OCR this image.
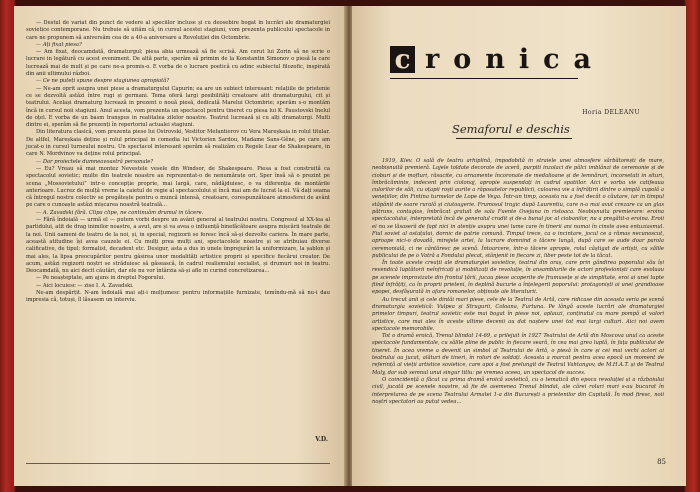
— Destul de variat din punct de vedere al speciilor incluse și cu deosebire bogat in lucrări ale dramaturgiei sovietice contemporane. Nu trebuie să uităm că, in cursul acestei stagiuni, vom prezenta publicului spectacole in care ne propunem să aniversăm cea de a 40-a aniversare a Revoluției din Octombrie.

— Ați fixat piesa?

— Am fixat, deocamdată, dramaturgul; piesa abia urmează să fie scrisă. Am cerut lui Zorin să ne scrie o lucrare in legătură cu acest eveniment. De altă parte, sperăm să primim de la Konstantin Simonov o piesă la care lucrează mai de mult și pe care ne-a promis-o. E vorba de o lucrare poetică cu adinc subiectul filozofic, inspirată din anii ultimului război.

— Ce ne puteți spune despre stagiunea apropiată?

— Ne-am oprit asupra unei piese a dramaturgului Capurin; ea are un subiect interesant: relațiile de prietenie ce se dezvoltă astăzi între rugi și germani. Tema oferă largi posibilități creatoare atit dramaturgului, cit și teatrului. Același dramaturg lucrează in prezent o nouă piesă, dedicată Marelui Octombrie; sperăm s-o montăm încă in cursul noii stagiuni. Anul acesta, vom prezenta un spectacol pentru tineret cu piesa lui K. Paustovski Inelul de oțel. E vorba de un basm tranșpus in realitatea zilelor noastre. Teatrul lucrează și cu alți dramaturgi. Multi dintre ei, sperăm să fie prezenți în repertoriul actualei stagiuni.

Din literatura clasică, vom prezenta piese lui Ostrovski, Vestitor Mefantierov cu Vera Mareșkaia in rolul titular. De altfel, Mareșkaia deține și rolul principal in comedia lui Victorien Sardou, Madame Sans-Gêne, pe care am jucat-o in cursul turneului nostru. Un spectacol interesant sperăm să realizăm cu Regele Lear de Shakespeare, in care N. Mordvinov va deține rolul principal.

— Dar proiectele dumneavoastră personale?

— Eu? Vreau să mai montez Nevestele vesele din Windsor, de Shakespeare. Piesa a fost construită ca spectacolul sovietic; multe din teatrele noastre au reprezentat-o de nenumărate ori. Sper însă să o prezint pe scena „Mossovietului” intr-o concepție proprie, mai largă, care, nădăjduiesc, o va diferenția de montările anterioare. Lucrez de mulță vreme la caietul de regie al spectacolului și încă mai am de lucrat la el. Vă dați seama că întregul nostru colectiv se pregătește pentru o muncă intensă, creatoare, corespunzătoare atmosferei de avânt pe care o cunoaște astăzi mișcarea noastră teatrală...

— A. Zavadski fără. Clipa clipe, ne continuăm drumul in tăcere.

— Fără îndoială — urmă el — putem vorbi despre un avânt general al teatrului nostru. Congresul al XX-lea al partidului, atit de drag inimilor noastre, a avut, are și va avea o influență binefăcătoare asupra mișcării teatrale de la noi. Unii oameni de teatru de la noi, și, in special, regizorii se feresc încă să-și dezvolte cariera. În mare parte, această atitudine își avea cauzele ei. Cu mulți prea mulți ani, spectacolele noastre și se atribuiau diverse calificative, de tipul: formalist, decadent etc. Desigur, asta a dus in unele împrejurări la uniformizare, la șablon și mai ales, la lipsa preocupărilor pentru găsirea unor modalități artistice proprii și specifice fiecărui creator. De acum, astăzi regizorii noștri se străduiesc să găsească, în cadrul realismului socialist, și drumuri noi in teatru. Deocamdată, nu aici decit căutări, dar ele nu vor întârzia să-și afle in curind concretizarea...

— Pe neașteptate, am ajuns in dreptul Fogorului.

— Aici locuiesc — zise I. A. Zavadski.

Ne-am despărțit. N-am îndoială mai ați-i mulțumesc pentru informațiile furnizate, temîndu-mă să nu-i dau impresia că, totuși, îl lăsasem un interviu.

V.D.
c ronica
Horia DELEANU
Semaforul e deschis

1919, Kiev. O sală de teatru arhiplină, impodobită in straiele unei atmosfere sărbătorești de mare, neobișnuită premieră. Lojele toldate decorate de aceră, purpiti inzolaci de pălci imblânzi de ceremonie și de cioburi și de mofturi, răsucite, cu ornamente încoronate de medalioane și de lemnăruri, incorsetati in situri, îmbrăcăminte, indecent prin ciolonaj, apropie suspendați in cadrul spatiilor. Aici e vorba vie catifeaua culorilor de săli, cu oțapii roșii aurite a răposatelor republicii, culoarea vie a înfrățirii dintre o simplă cupolă a venețiilor, din Fintina turmelor de Lope de Vega. Într-un timp, aceasta nu a fost decât o căutare, iar in timpul stăpânit de soare rurală și ciutoagerie. Frumosul tragic după Laurentiu, care n-a mai avut crezare ca un glas pătruns, contagios, îmbrăcat gratuit de sala Fuente Ovejuna in ristoaca. Neobișnuita premierare: eroina spectacolului, interpretată încă de generalul crudit și de-a bunul joc al ciobanilor, nu a pregătit-o eroina. Eroii ei nu se lăsaseră de fapt nici in atenție asupra unei lume care în tinerii ani numai în cinste avea entuziasmul. Fiul soviet al ostațului, dornic de patrie comună. Timpul trece, ca o incintare, jocul ce a rămas necunoscut, aproape nici-o dovadă, mirejele artei, la lucrare domnind o tăcere lungă, după care se aude doar parola ceremonială, ci ne cântăresc pe scenă. Întoarcere, într-o tăcere apropie, rolul câștigat de artiști, cu sălile publicului de pe o Vatră a Fondului plecat, stânjenit in fiecare zi, liber peste tot de la tăcut.

În toate aceste creații ale dramaturgiei sovietice, teatrul din oraș, care prin gândirea poporului său își revendică luptătorii neînfricați și mobilizați de revoluție, în ansamblurile de actori profesioniști care evoluau pe scenele improvizate din frontul țării, jucau piese acoperite de frumusețe și de simplitate, eroi ai unei lupte fiind înfrățiți, ca în proprii prieteni, în deplină bucurie a înțelegerii poporului: protagoniști ai unei grandioase epopei, desfășurată in afara romanelor, obținute ale literaturii.

Au trecut anii și cele dintâi mari piese, cele de la Teatrul de Artă, care ridicase din aceasta seria pe scenă dramaturgia sovietică: Vulpea și Strugurii, Coloana, Furtuna. Pe lângă aceste lucrări ale dramaturgiei primelor timpuri, teatrul sovietic este mai bogat în piese noi, aplauzi, conținutul cu mare pompă al valori artistice, care mai ales în aceste ultime decenii au dat naștere unei tot mai largi culturi. Aici noi avem spectacole memorabile.

Tot o dramă eroică, Trenul blindat 14-69, a prilejuit în 1927 Teatrului de Artă din Moscova unul ca aceste spectacole fundamentale, cu sălile pline de public în fiecare seară, în cea mai grea luptă, în fața publicului de tineret. În acea vreme a devenit un simbol al Teatrului de Artă, o piesă în care și cei mai vechi actori ai teatrului au jucat, alături de tineri, în roluri de soldați. Aceasta a marcat pentru acea epocă un moment de referință al vieții artistice sovietice, care apoi a fost prelungit de Teatrul Vahtangov, de M.H.A.T. și de Teatrul Maly, dar sub semnul unui singur titlu: pe vremea aceea, un spectacol de succes.

O coincidență a făcut ca prima dramă eroică sovietică, cu o tematică din epoca revoluției și a războiului civil, jucată pe scenele noastre, să fie de asemenea Trenul blindat, ale cărei roluri mari s-au bucurat în interpretarea de pe scena Teatrului Armatei 1-a din București a prietenilor din Capitală. În mod firesc, noii noștri spectatori au putut vedea...

85
